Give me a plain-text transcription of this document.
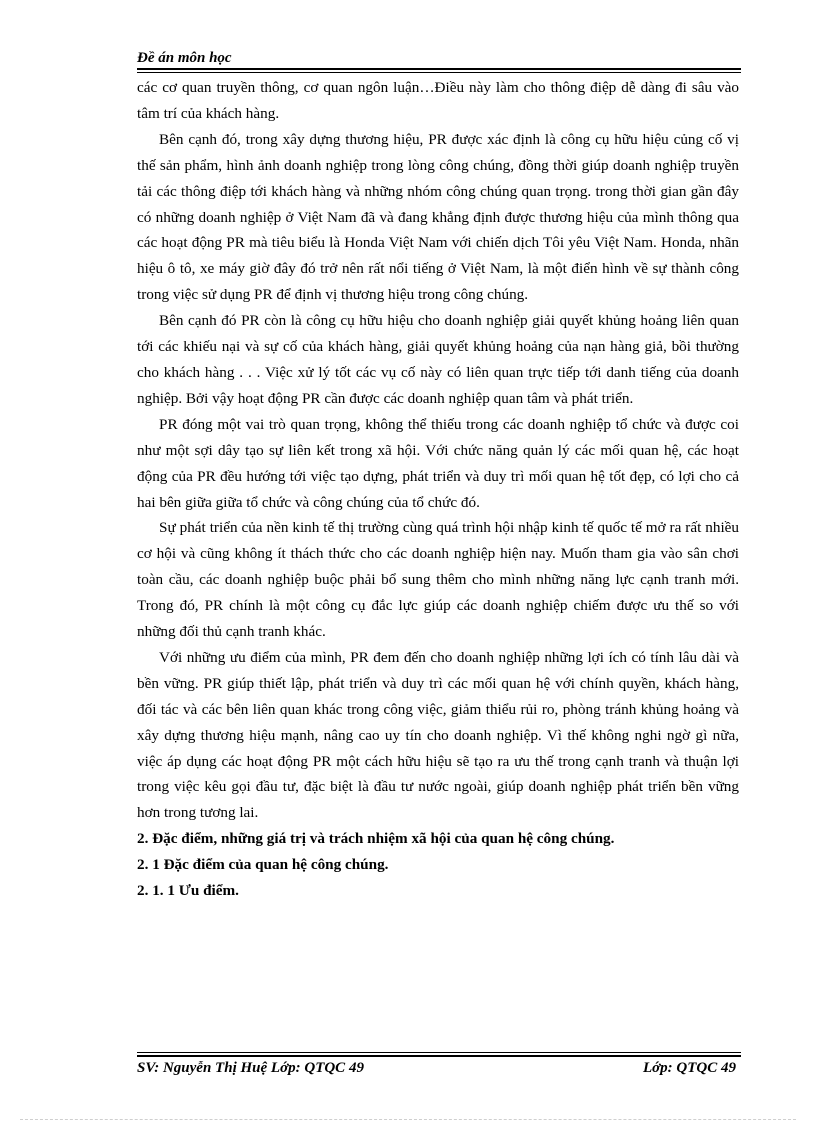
Đề án môn học

các cơ quan truyền thông, cơ quan ngôn luận…Điều này làm cho thông điệp dễ dàng đi sâu vào tâm trí của khách hàng.

Bên cạnh đó, trong xây dựng thương hiệu, PR được xác định là công cụ hữu hiệu củng cố vị thế sản phẩm, hình ảnh doanh nghiệp trong lòng công chúng, đồng thời giúp doanh nghiệp truyền tải các thông điệp tới khách hàng và những nhóm công chúng quan trọng. trong thời gian gần đây có những doanh nghiệp ở Việt Nam đã và đang khẳng định được thương hiệu của mình thông qua các hoạt động PR mà tiêu biểu là Honda Việt Nam với chiến dịch Tôi yêu Việt Nam. Honda, nhãn hiệu ô tô, xe máy giờ đây đó trở nên rất nổi tiếng ở Việt Nam, là một điển hình về sự thành công trong việc sử dụng PR để định vị thương hiệu trong công chúng.

Bên cạnh đó PR còn là công cụ hữu hiệu cho doanh nghiệp giải quyết khủng hoảng liên quan tới các khiếu nại và sự cố của khách hàng, giải quyết khủng hoảng của nạn hàng giả, bồi thường cho khách hàng . . . Việc xử lý tốt các vụ cố này có liên quan trực tiếp tới danh tiếng của doanh nghiệp. Bởi vậy hoạt động PR cần được các doanh nghiệp quan tâm và phát triển.

PR đóng một vai trò quan trọng, không thể thiếu trong các doanh nghiệp tổ chức và được coi như một sợi dây tạo sự liên kết trong xã hội. Với chức năng quản lý các mối quan hệ, các hoạt động của PR đều hướng tới việc tạo dựng, phát triển và duy trì mối quan hệ tốt đẹp, có lợi cho cả hai bên giữa giữa tổ chức và công chúng của tổ chức đó.

Sự phát triển của nền kinh tế thị trường cùng quá trình hội nhập kinh tế quốc tế mở ra rất nhiều cơ hội và cũng không ít thách thức cho các doanh nghiệp hiện nay. Muốn tham gia vào sân chơi toàn cầu, các doanh nghiệp buộc phải bổ sung thêm cho mình những năng lực cạnh tranh mới. Trong đó, PR chính là một công cụ đắc lực giúp các doanh nghiệp chiếm được ưu thế so với những đối thủ cạnh tranh khác.

Với những ưu điểm của mình, PR đem đến cho doanh nghiệp những lợi ích có tính lâu dài và bền vững. PR giúp thiết lập, phát triển và duy trì các mối quan hệ với chính quyền, khách hàng, đối tác và các bên liên quan khác trong công việc, giảm thiểu rủi ro, phòng tránh khủng hoảng và xây dựng thương hiệu mạnh, nâng cao uy tín cho doanh nghiệp. Vì thế không nghi ngờ gì nữa, việc áp dụng các hoạt động PR một cách hữu hiệu sẽ tạo ra ưu thế trong cạnh tranh và thuận lợi trong việc kêu gọi đầu tư, đặc biệt là đầu tư nước ngoài, giúp doanh nghiệp phát triển bền vững hơn trong tương lai.

2. Đặc điểm, những giá trị và trách nhiệm xã hội của quan hệ công chúng.

2. 1 Đặc điểm của quan hệ công chúng.

2. 1. 1 Ưu điểm.

SV: Nguyễn Thị Huệ Lớp: QTQC 49	Lớp: QTQC 49
